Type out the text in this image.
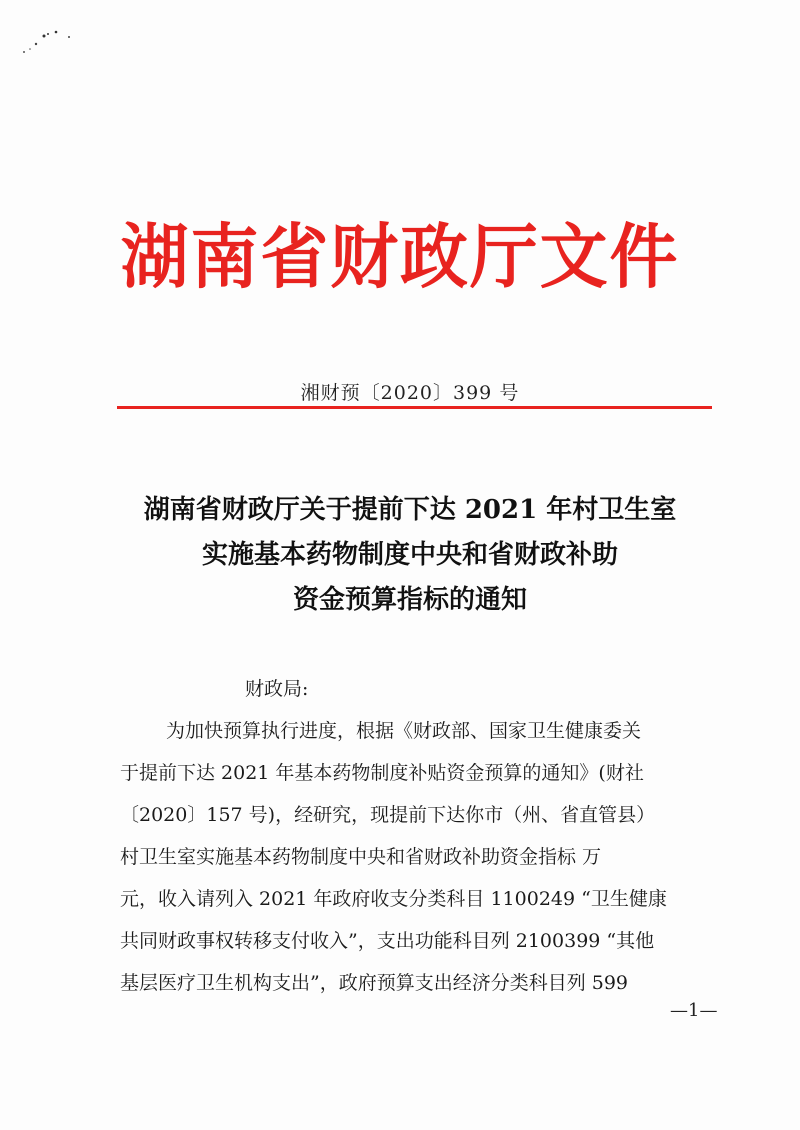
湖南省财政厅文件
湘财预〔2020〕399 号
湖南省财政厅关于提前下达 2021 年村卫生室
实施基本药物制度中央和省财政补助
资金预算指标的通知
财政局:
为加快预算执行进度，根据《财政部、国家卫生健康委关
于提前下达 2021 年基本药物制度补贴资金预算的通知》(财社
〔2020〕157 号)，经研究，现提前下达你市（州、省直管县）
村卫生室实施基本药物制度中央和省财政补助资金指标 万
元，收入请列入 2021 年政府收支分类科目 1100249 “卫生健康
共同财政事权转移支付收入”，支出功能科目列 2100399 “其他
基层医疗卫生机构支出”，政府预算支出经济分类科目列 599
—1—
